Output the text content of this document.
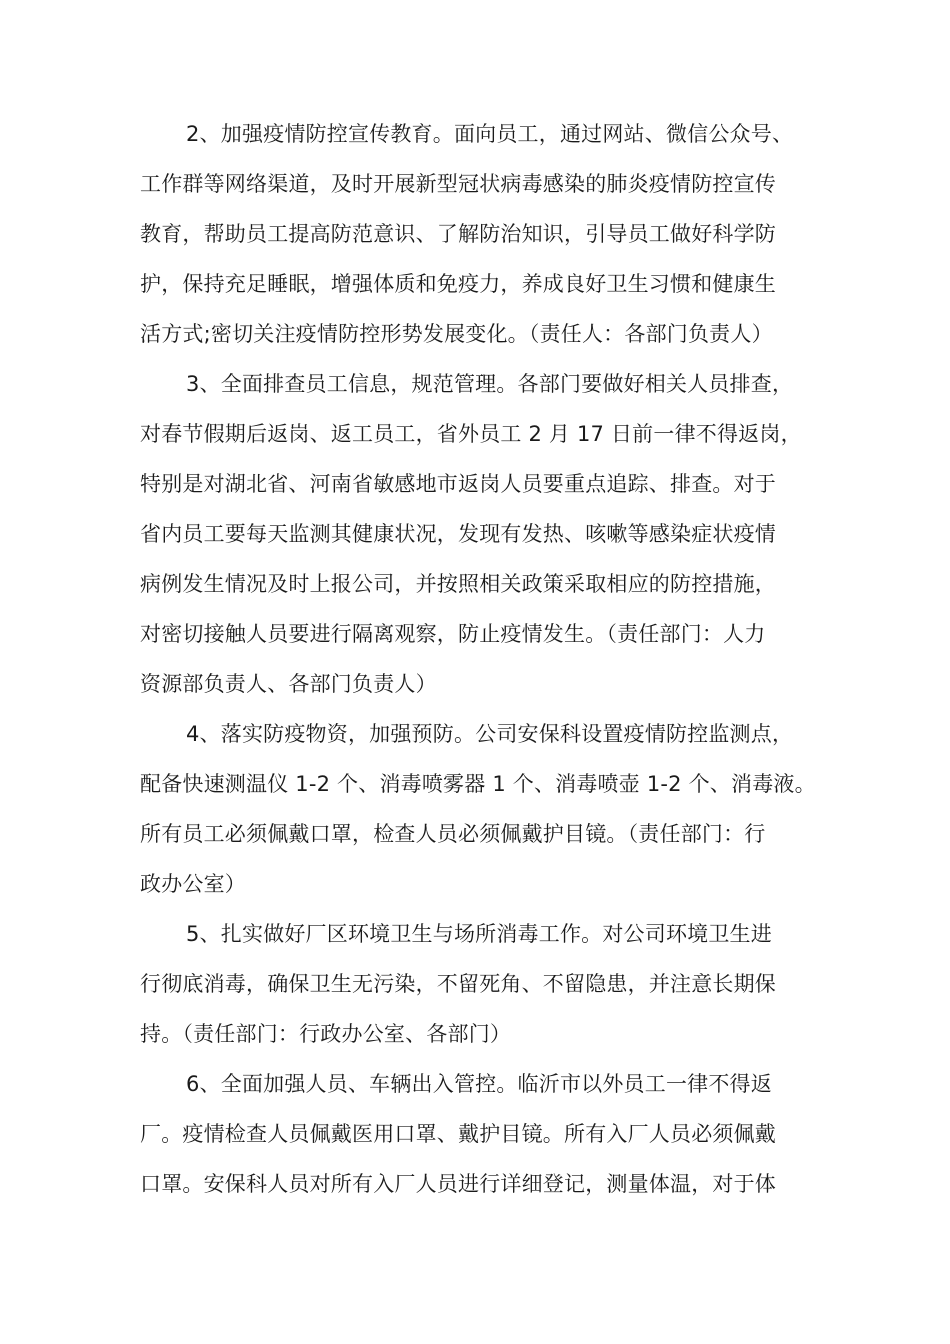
2、加强疫情防控宣传教育。面向员工，通过网站、微信公众号、
工作群等网络渠道，及时开展新型冠状病毒感染的肺炎疫情防控宣传
教育，帮助员工提高防范意识、了解防治知识，引导员工做好科学防
护，保持充足睡眠，增强体质和免疫力，养成良好卫生习惯和健康生
活方式;密切关注疫情防控形势发展变化。（责任人：各部门负责人）
3、全面排查员工信息，规范管理。各部门要做好相关人员排查，
对春节假期后返岗、返工员工，省外员工 2 月 17 日前一律不得返岗，
特别是对湖北省、河南省敏感地市返岗人员要重点追踪、排查。对于
省内员工要每天监测其健康状况，发现有发热、咳嗽等感染症状疫情
病例发生情况及时上报公司，并按照相关政策采取相应的防控措施，
对密切接触人员要进行隔离观察，防止疫情发生。（责任部门：人力
资源部负责人、各部门负责人）
4、落实防疫物资，加强预防。公司安保科设置疫情防控监测点，
配备快速测温仪 1-2 个、消毒喷雾器 1 个、消毒喷壶 1-2 个、消毒液。
所有员工必须佩戴口罩，检查人员必须佩戴护目镜。（责任部门：行
政办公室）
5、扎实做好厂区环境卫生与场所消毒工作。对公司环境卫生进
行彻底消毒，确保卫生无污染，不留死角、不留隐患，并注意长期保
持。（责任部门：行政办公室、各部门）
6、全面加强人员、车辆出入管控。临沂市以外员工一律不得返
厂。疫情检查人员佩戴医用口罩、戴护目镜。所有入厂人员必须佩戴
口罩。安保科人员对所有入厂人员进行详细登记，测量体温，对于体
